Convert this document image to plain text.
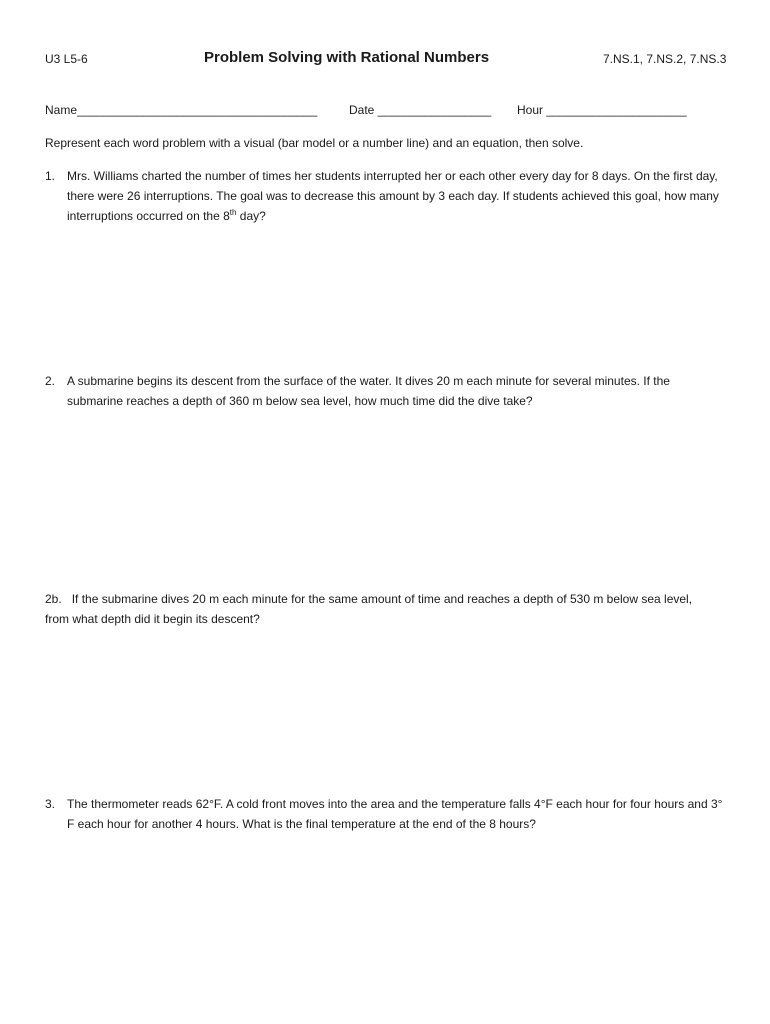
U3 L5-6	Problem Solving with Rational Numbers	7.NS.1, 7.NS.2, 7.NS.3
Name____________________________________	Date _________________ Hour _____________________
Represent each word problem with a visual (bar model or a number line) and an equation, then solve.
1. Mrs. Williams charted the number of times her students interrupted her or each other every day for 8 days. On the first day, there were 26 interruptions. The goal was to decrease this amount by 3 each day. If students achieved this goal, how many interruptions occurred on the 8th day?
2. A submarine begins its descent from the surface of the water. It dives 20 m each minute for several minutes. If the submarine reaches a depth of 360 m below sea level, how much time did the dive take?
2b. If the submarine dives 20 m each minute for the same amount of time and reaches a depth of 530 m below sea level, from what depth did it begin its descent?
3. The thermometer reads 62°F. A cold front moves into the area and the temperature falls 4°F each hour for four hours and 3° F each hour for another 4 hours. What is the final temperature at the end of the 8 hours?
